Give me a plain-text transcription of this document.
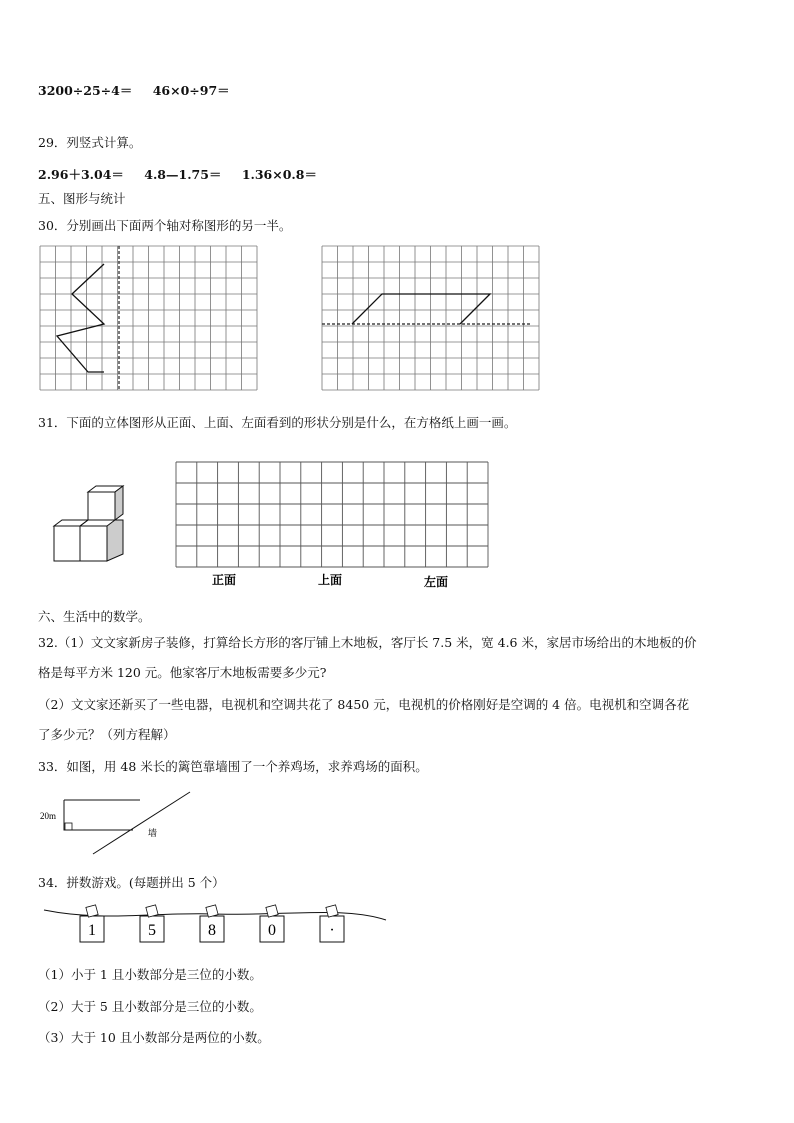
3200÷25÷4＝ 46×0÷97＝
29．列竖式计算。
2.96＋3.04＝ 4.8—1.75＝ 1.36×0.8＝
五、图形与统计
30．分别画出下面两个轴对称图形的另一半。
31．下面的立体图形从正面、上面、左面看到的形状分别是什么，在方格纸上画一画。
正面	上面	左面
六、生活中的数学。
32.（1）文文家新房子装修，打算给长方形的客厅铺上木地板，客厅长 7.5 米，宽 4.6 米，家居市场给出的木地板的价
格是每平方米 120 元。他家客厅木地板需要多少元?
（2）文文家还新买了一些电器，电视机和空调共花了 8450 元，电视机的价格刚好是空调的 4 倍。电视机和空调各花
了多少元？（列方程解）
33．如图，用 48 米长的篱笆靠墙围了一个养鸡场，求养鸡场的面积。
20m
墙
34．拼数游戏。(每题拼出 5 个）
1	5	8	0	·
（1）小于 1 且小数部分是三位的小数。
（2）大于 5 且小数部分是三位的小数。
（3）大于 10 且小数部分是两位的小数。
